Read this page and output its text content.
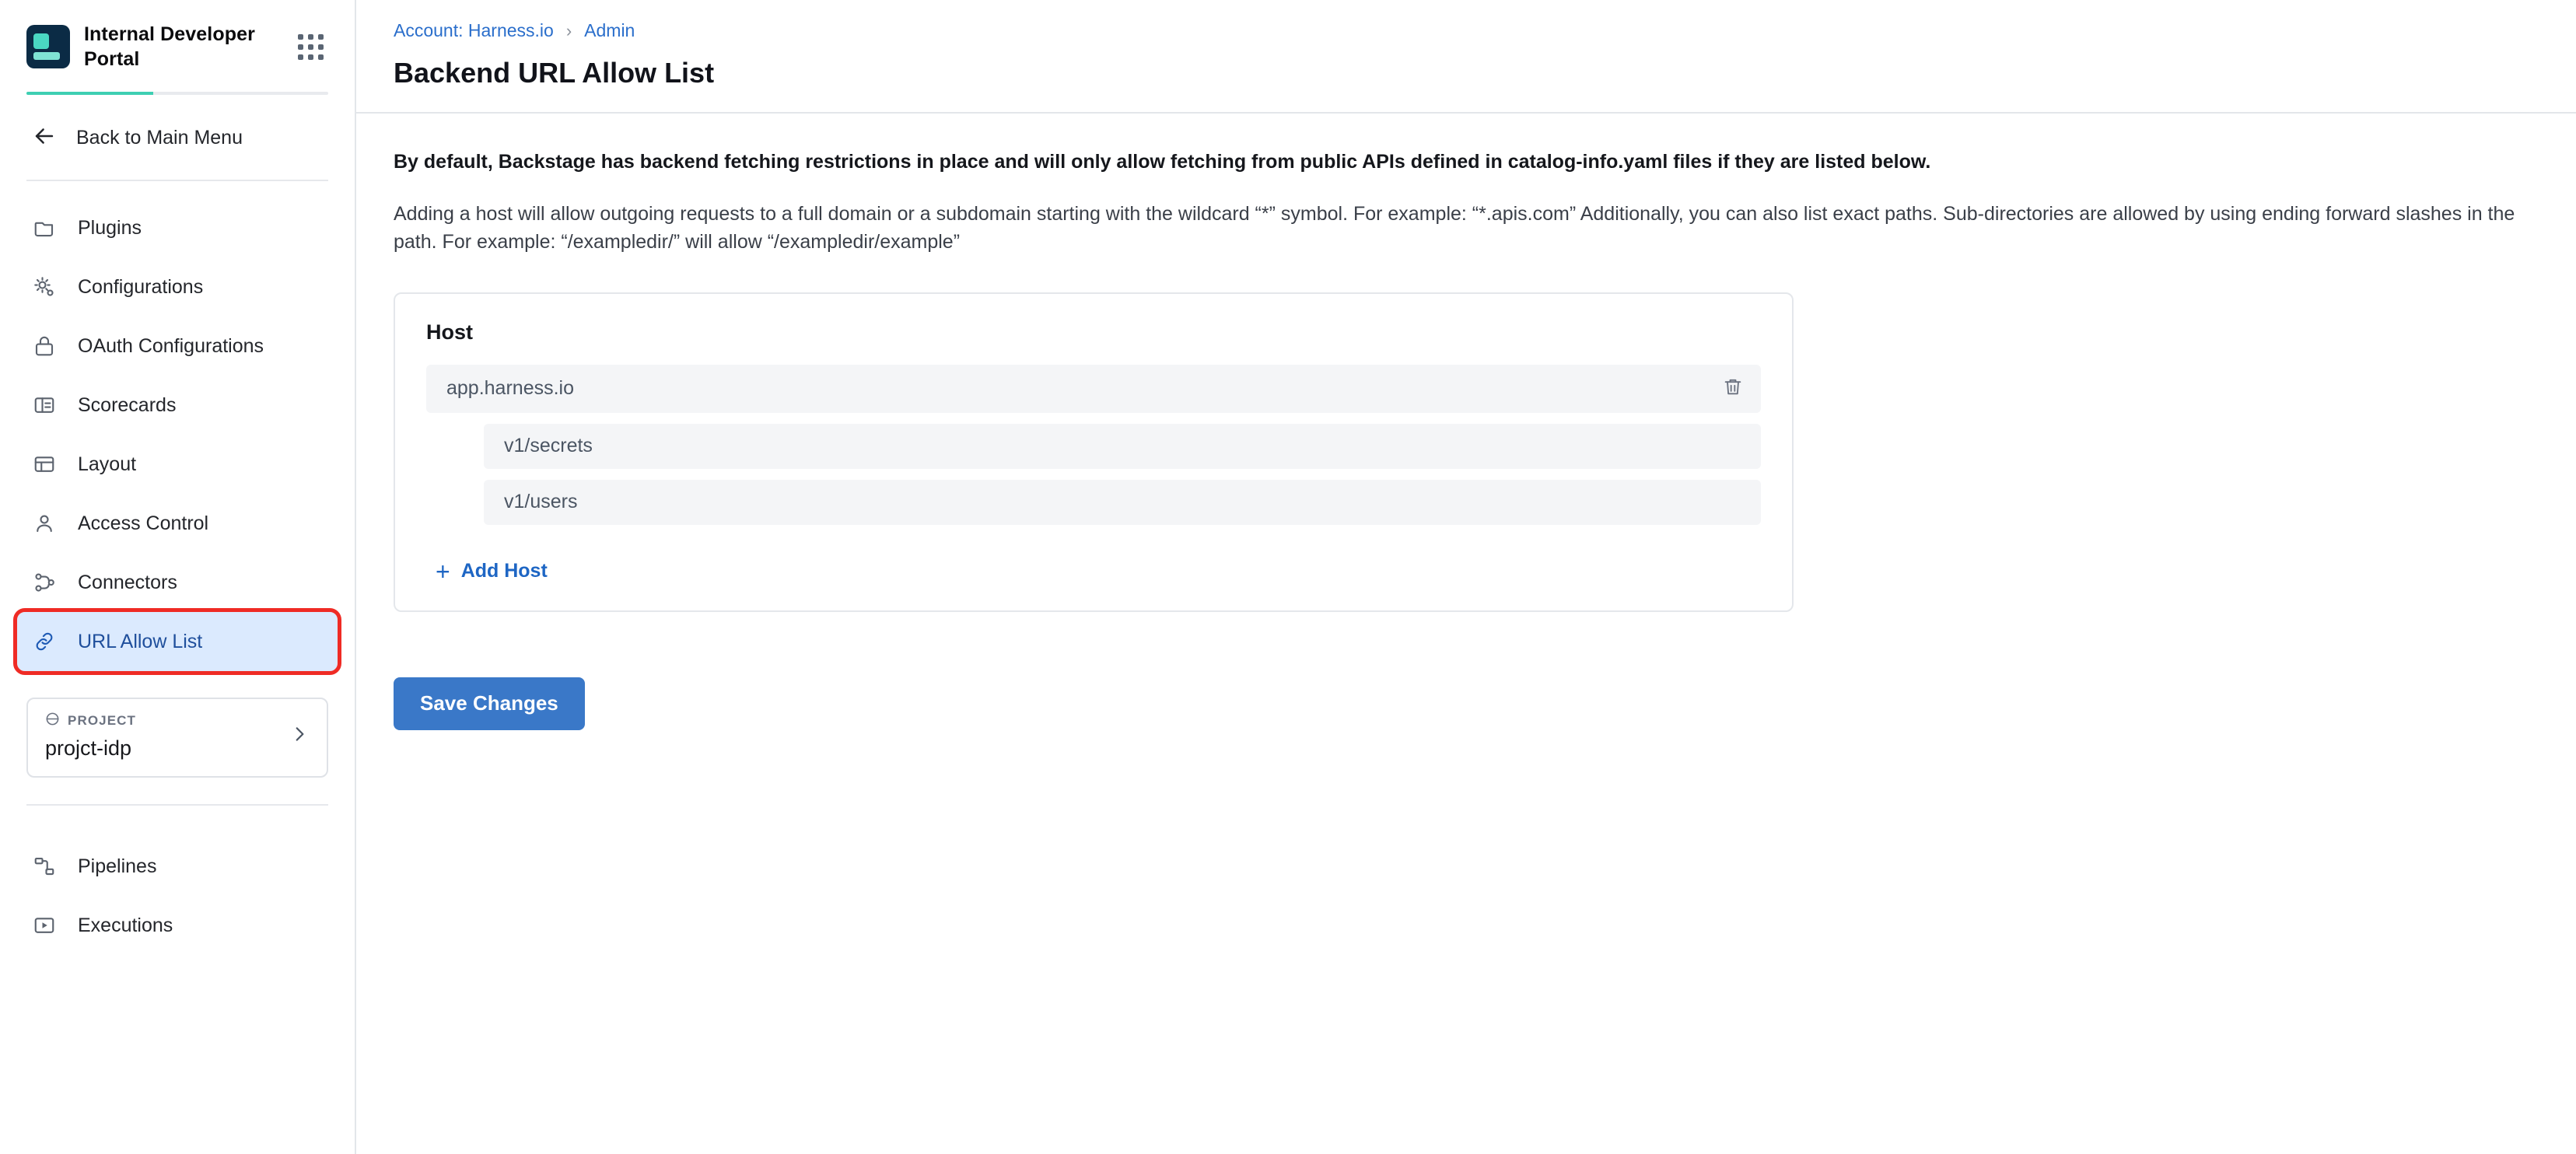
Internal Developer Portal
Back to Main Menu
Plugins
Configurations
OAuth Configurations
Scorecards
Layout
Access Control
Connectors
URL Allow List
PROJECT
projct-idp
Pipelines
Executions
Account: Harness.io › Admin
Backend URL Allow List
By default, Backstage has backend fetching restrictions in place and will only allow fetching from public APIs defined in catalog-info.yaml files if they are listed below.
Adding a host will allow outgoing requests to a full domain or a subdomain starting with the wildcard “*” symbol. For example: “*.apis.com” Additionally, you can also list exact paths. Sub-directories are allowed by using ending forward slashes in the path. For example: “/exampledir/” will allow “/exampledir/example”
Host
app.harness.io
v1/secrets
v1/users
+ Add Host
Save Changes
